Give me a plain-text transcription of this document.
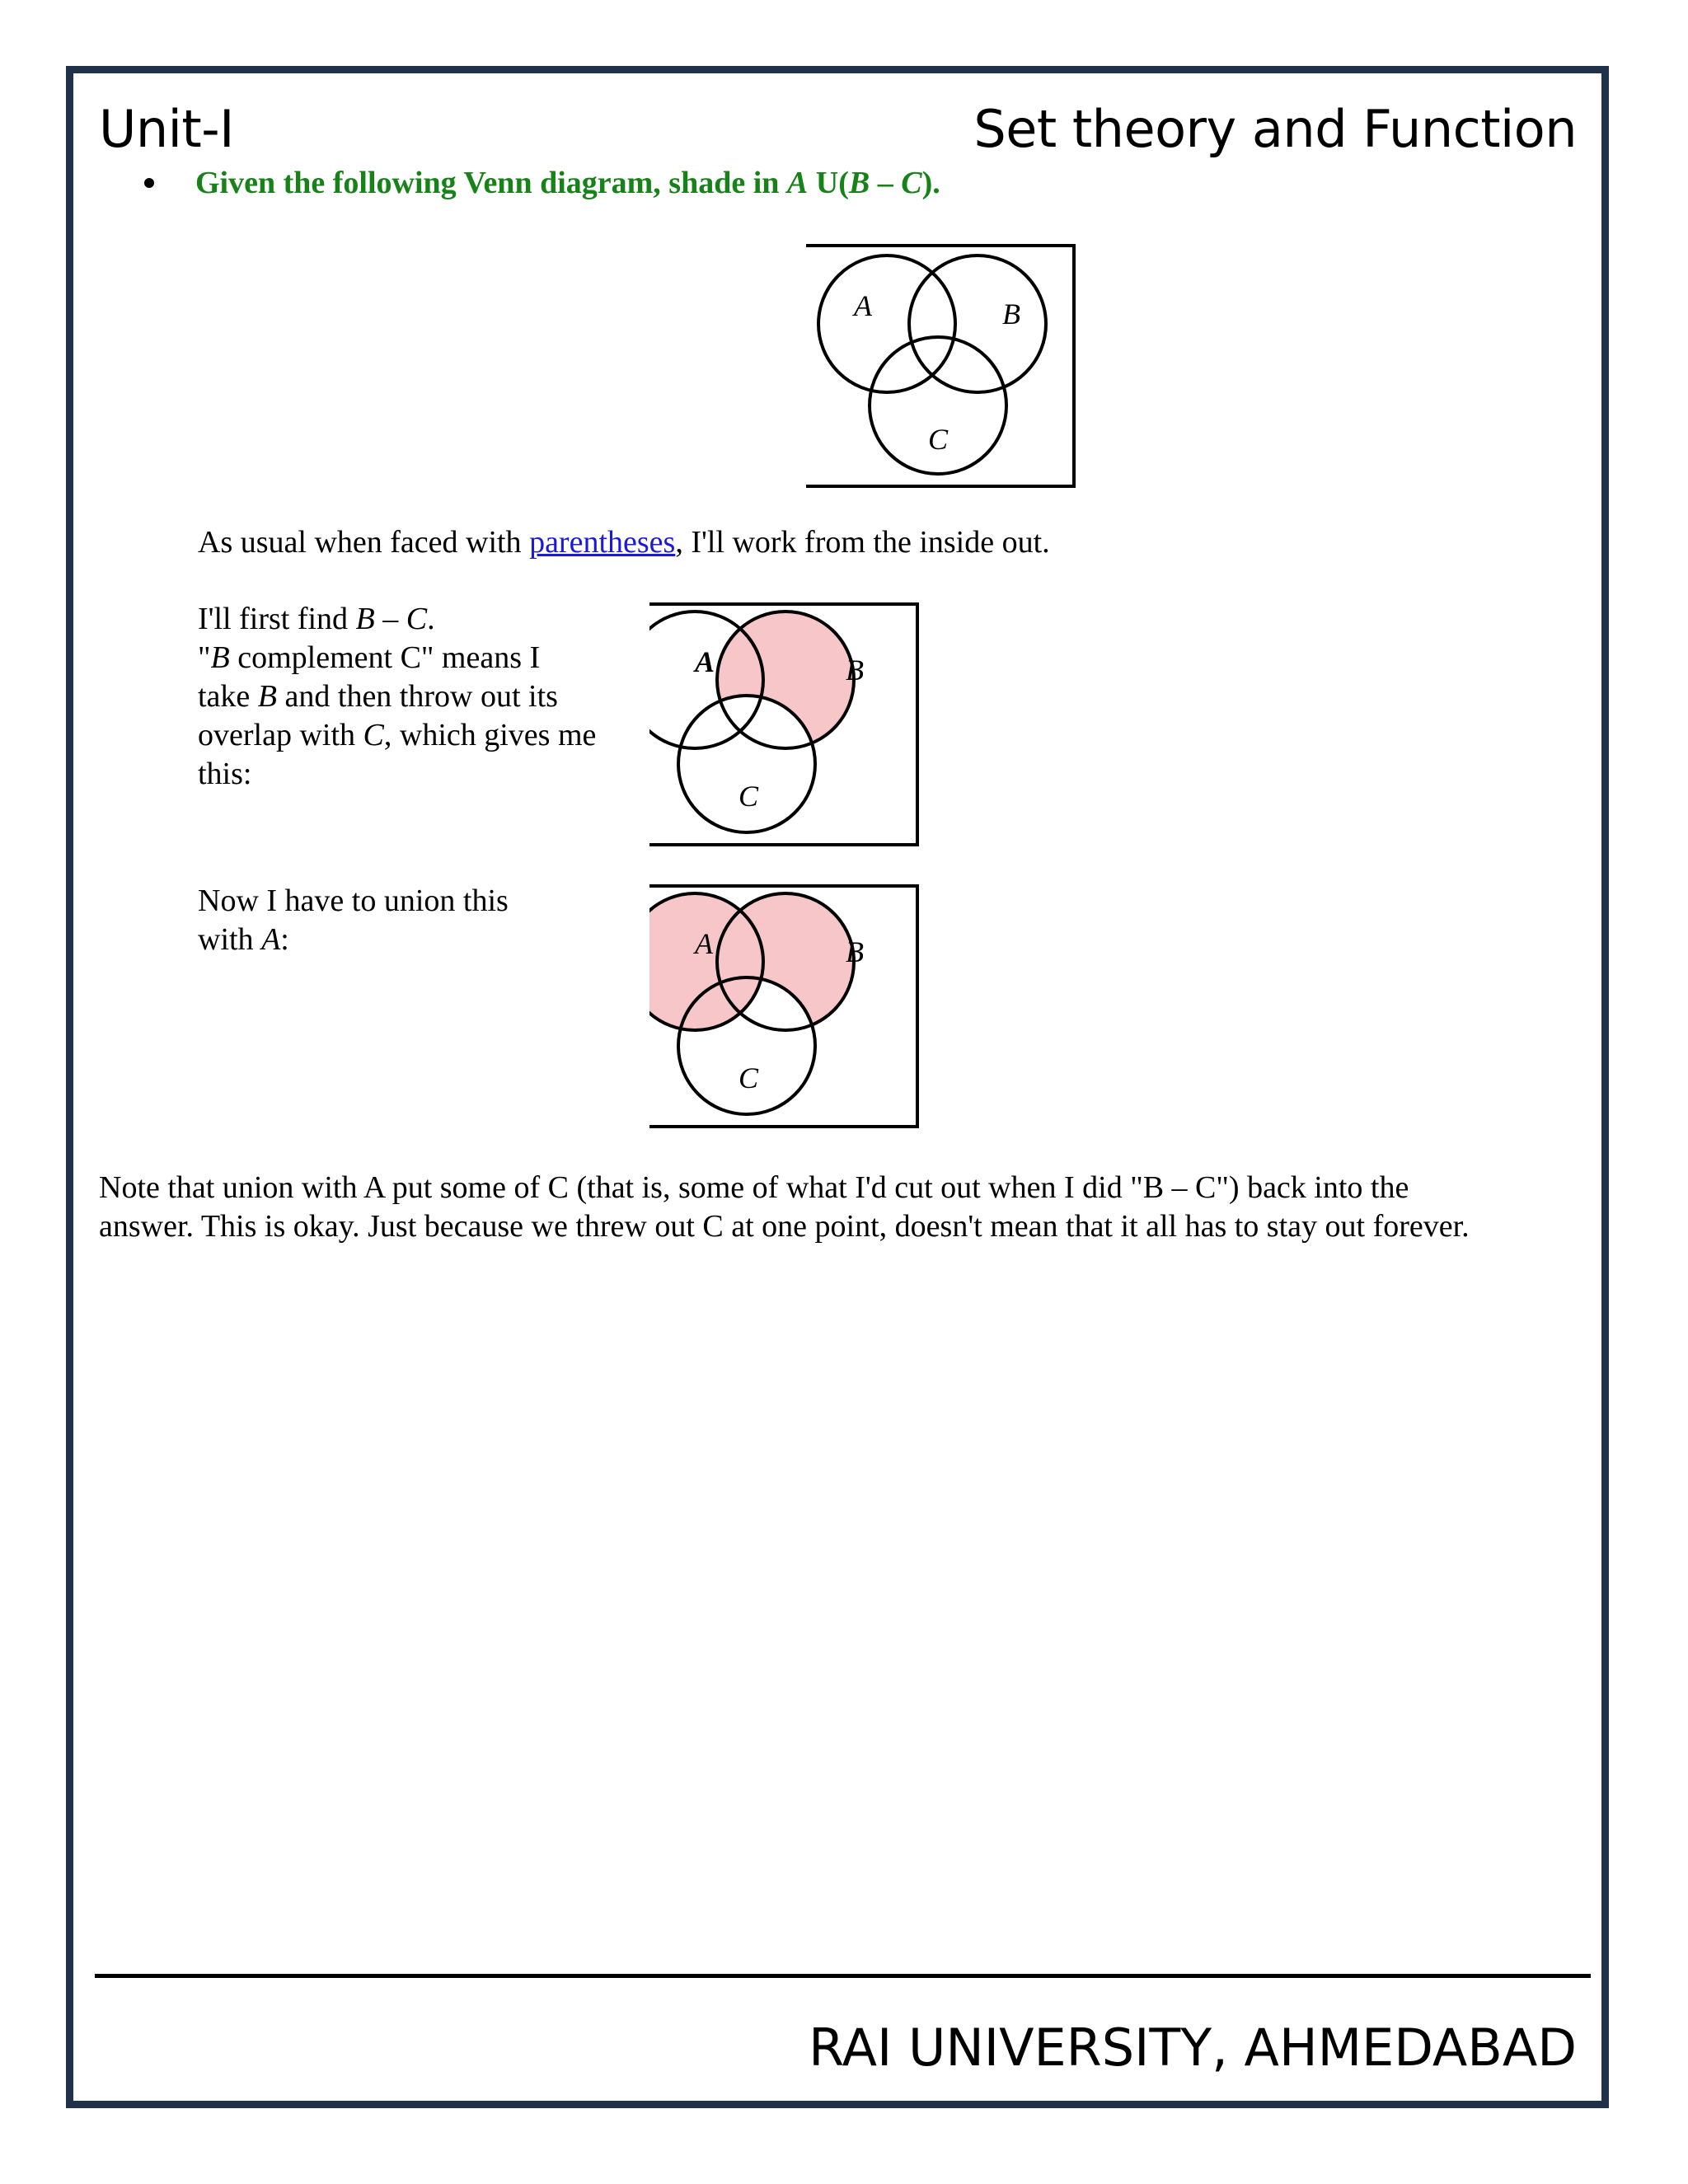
Unit-I	Set theory and Function
Given the following Venn diagram, shade in A U(B – C).
A	B
C
As usual when faced with parentheses, I'll work from the inside out.
I'll first find B – C.
"B complement C" means I
take B and then throw out its
overlap with C, which gives me
this:
A	B
C
Now I have to union this
with A:	A	B
C
Note that union with A put some of C (that is, some of what I'd cut out when I did "B – C") back into the
answer. This is okay. Just because we threw out C at one point, doesn't mean that it all has to stay out forever.
RAI UNIVERSITY, AHMEDABAD
